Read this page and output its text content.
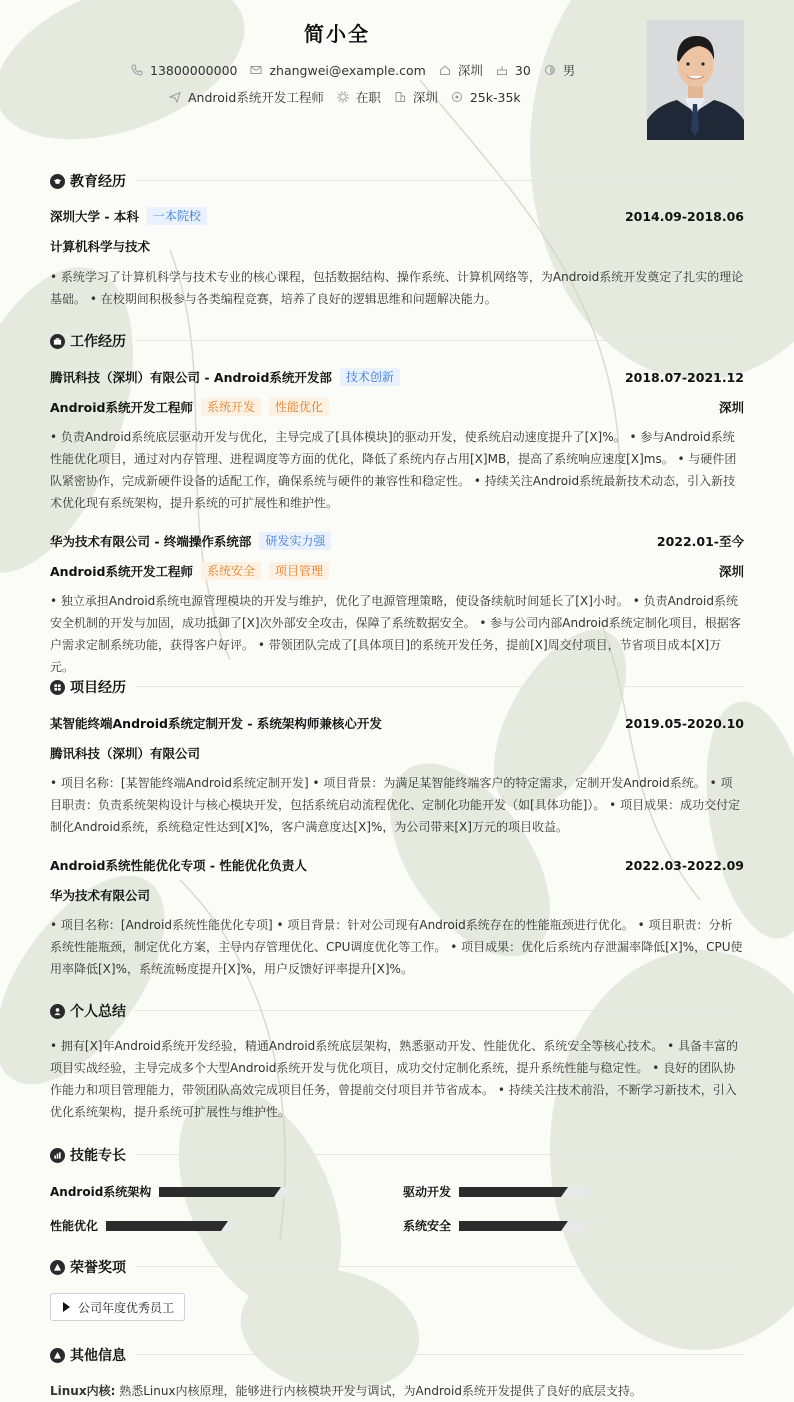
简小全
13800000000	zhangwei@example.com	深圳	30	男
Android系统开发工程师	在职	深圳	25k-35k
教育经历
深圳大学 - 本科	一本院校	2014.09-2018.06
计算机科学与技术
• 系统学习了计算机科学与技术专业的核心课程，包括数据结构、操作系统、计算机网络等，为Android系统开发奠定了扎实的理论基础。 • 在校期间积极参与各类编程竞赛，培养了良好的逻辑思维和问题解决能力。
工作经历
腾讯科技（深圳）有限公司 - Android系统开发部	技术创新	2018.07-2021.12
Android系统开发工程师	系统开发	性能优化	深圳
• 负责Android系统底层驱动开发与优化，主导完成了[具体模块]的驱动开发，使系统启动速度提升了[X]%。 • 参与Android系统性能优化项目，通过对内存管理、进程调度等方面的优化，降低了系统内存占用[X]MB，提高了系统响应速度[X]ms。 • 与硬件团队紧密协作，完成新硬件设备的适配工作，确保系统与硬件的兼容性和稳定性。 • 持续关注Android系统最新技术动态，引入新技术优化现有系统架构，提升系统的可扩展性和维护性。
华为技术有限公司 - 终端操作系统部	研发实力强	2022.01-至今
Android系统开发工程师	系统安全	项目管理	深圳
• 独立承担Android系统电源管理模块的开发与维护，优化了电源管理策略，使设备续航时间延长了[X]小时。 • 负责Android系统安全机制的开发与加固，成功抵御了[X]次外部安全攻击，保障了系统数据安全。 • 参与公司内部Android系统定制化项目，根据客户需求定制系统功能，获得客户好评。 • 带领团队完成了[具体项目]的系统开发任务，提前[X]周交付项目，节省项目成本[X]万元。
项目经历
某智能终端Android系统定制开发 - 系统架构师兼核心开发	2019.05-2020.10
腾讯科技（深圳）有限公司
• 项目名称：[某智能终端Android系统定制开发] • 项目背景：为满足某智能终端客户的特定需求，定制开发Android系统。 • 项目职责：负责系统架构设计与核心模块开发，包括系统启动流程优化、定制化功能开发（如[具体功能]）。 • 项目成果：成功交付定制化Android系统，系统稳定性达到[X]%，客户满意度达[X]%，为公司带来[X]万元的项目收益。
Android系统性能优化专项 - 性能优化负责人	2022.03-2022.09
华为技术有限公司
• 项目名称：[Android系统性能优化专项] • 项目背景：针对公司现有Android系统存在的性能瓶颈进行优化。 • 项目职责：分析系统性能瓶颈，制定优化方案，主导内存管理优化、CPU调度优化等工作。 • 项目成果：优化后系统内存泄漏率降低[X]%，CPU使用率降低[X]%，系统流畅度提升[X]%，用户反馈好评率提升[X]%。
个人总结
• 拥有[X]年Android系统开发经验，精通Android系统底层架构，熟悉驱动开发、性能优化、系统安全等核心技术。 • 具备丰富的项目实战经验，主导完成多个大型Android系统开发与优化项目，成功交付定制化系统，提升系统性能与稳定性。 • 良好的团队协作能力和项目管理能力，带领团队高效完成项目任务，曾提前交付项目并节省成本。 • 持续关注技术前沿，不断学习新技术，引入优化系统架构，提升系统可扩展性与维护性。
技能专长
Android系统架构	驱动开发
性能优化	系统安全
荣誉奖项
公司年度优秀员工
其他信息
Linux内核: 熟悉Linux内核原理，能够进行内核模块开发与调试，为Android系统开发提供了良好的底层支持。
